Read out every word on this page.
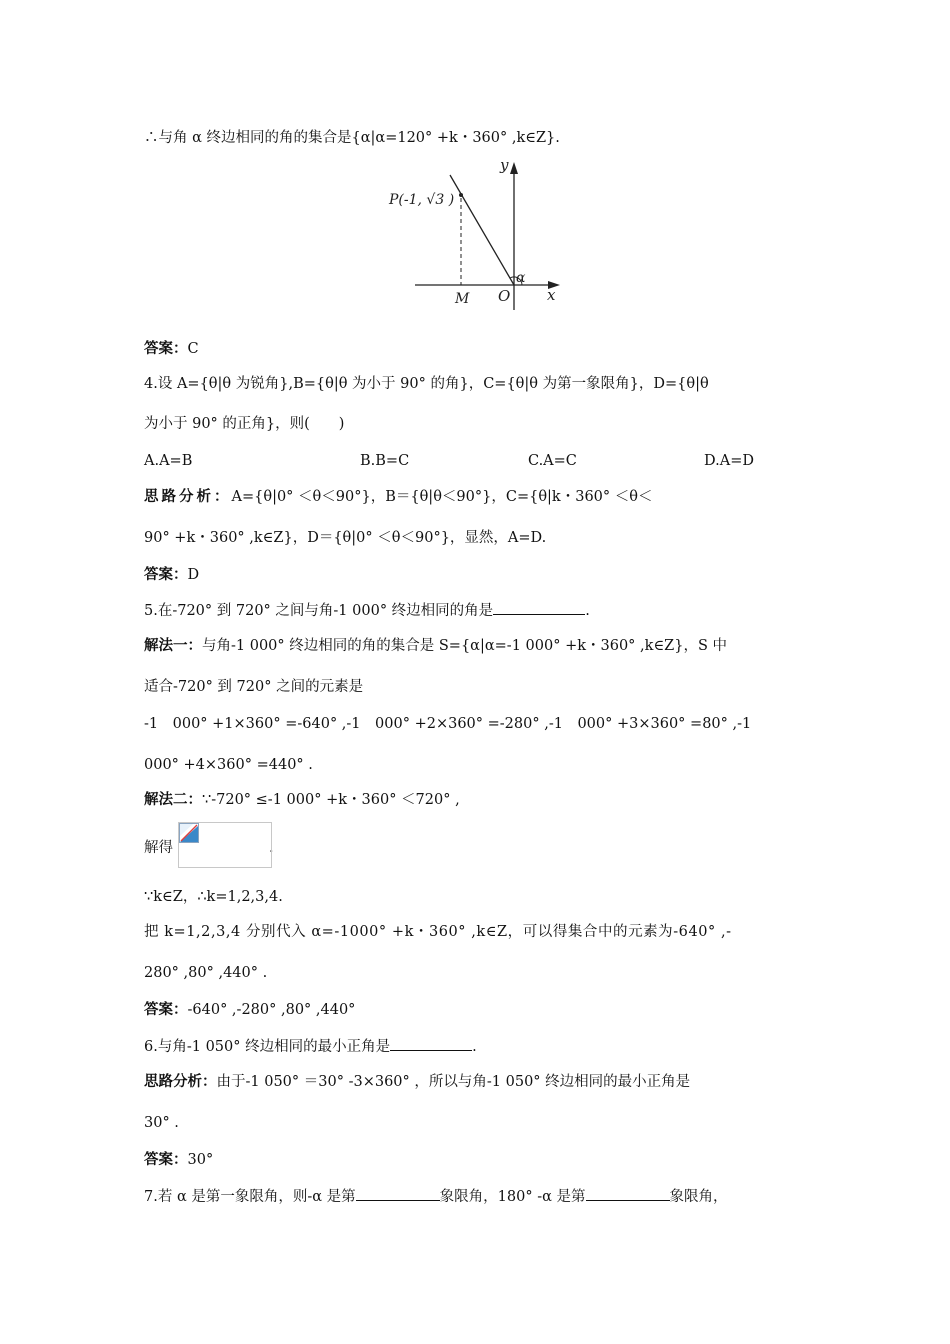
∴与角 α 终边相同的角的集合是{α|α=120° +k・360° ,k∈Z}.
P(-1, √3 )
y
x
O
M
α
答案：C
4.设 A={θ|θ 为锐角},B={θ|θ 为小于 90° 的角}，C={θ|θ 为第一象限角}，D={θ|θ
为小于 90° 的正角}，则(　　)
A.A=B	B.B=C	C.A=C	D.A=D
思路分析：A={θ|0° ＜θ＜90°}，B＝{θ|θ＜90°}，C={θ|k・360° ＜θ＜
90° +k・360° ,k∈Z}，D＝{θ|0° ＜θ＜90°}，显然，A=D.
答案：D
5.在-720° 到 720° 之间与角-1 000° 终边相同的角是	.
解法一：与角-1 000° 终边相同的角的集合是 S={α|α=-1 000° +k・360° ,k∈Z}，S 中
适合-720° 到 720° 之间的元素是
-1　000° +1×360° =-640° ,-1　000° +2×360° =-280° ,-1　000° +3×360° =80° ,-1
000° +4×360° =440° .
解法二：∵-720° ≤-1 000° +k・360° ＜720° ,
解得	.
∵k∈Z，∴k=1,2,3,4.
把 k=1,2,3,4 分别代入 α=-1000° +k・360° ,k∈Z，可以得集合中的元素为-640° ,-
280° ,80° ,440° .
答案：-640° ,-280° ,80° ,440°
6.与角-1 050° 终边相同的最小正角是	.
思路分析：由于-1 050° ＝30° -3×360° ，所以与角-1 050° 终边相同的最小正角是
30° .
答案：30°
7.若 α 是第一象限角，则-α 是第	象限角，180° -α 是第	象限角，
